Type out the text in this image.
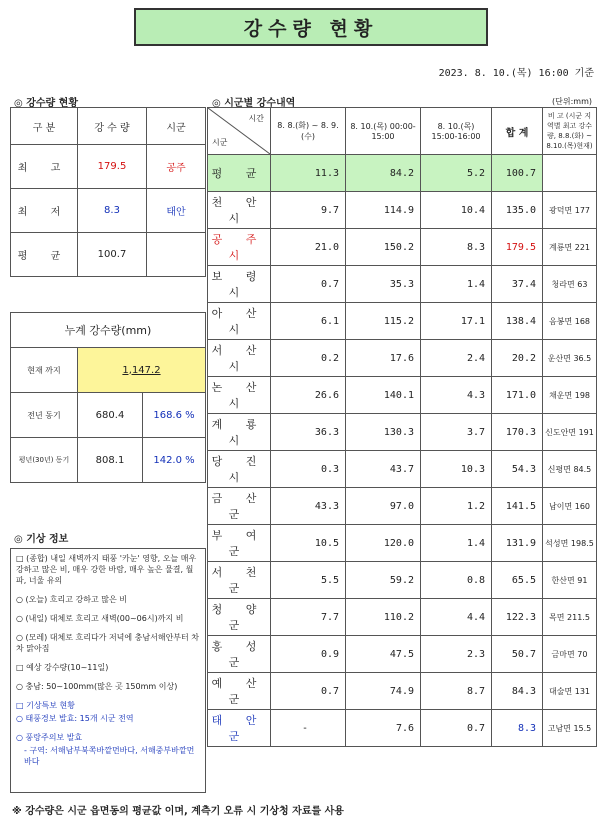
강수량 현황
2023. 8. 10.(목) 16:00 기준
◎ 강수량 현황	◎ 시군별 강수내역	(단위:mm)
구 분	강 수 량	시군
최 고	179.5	공주
최 저	8.3	태안
평 균	100.7	
누계 강수량(mm)		
현재 까지	1,147.2	
전년 동기	680.4	168.6 %
평년(30년) 동기	808.1	142.0 %
◎ 기상 정보

□ (종합) 내일 새벽까지 태풍 '카눈' 영향, 오늘 매우 강하고 많은 비, 매우 강한 바람, 매우 높은 물결, 월파, 너울 유의

○ (오늘) 흐리고 강하고 많은 비

○ (내일) 대체로 흐리고 새벽(00~06시)까지 비

○ (모레) 대체로 흐리다가 저녁에 충남서해안부터 차차 맑아짐

□ 예상 강수량(10~11일)

○ 충남: 50~100mm(많은 곳 150mm 이상)

□ 기상특보 현황

○ 태풍경보 발효: 15개 시군 전역

○ 풍랑주의보 발효

- 구역: 서해남부북쪽바깥먼바다, 서해중부바깥먼바다

시간
시군	8. 8.(화) ~ 8. 9.(수)	8. 10.(목) 00:00-15:00	8. 10.(목) 15:00-16:00	합 계	비 고 (시군 지역별 최고 강수량, 8.8.(화) ~ 8.10.(목)현재)
평 균	11.3	84.2	5.2	100.7	
천 안 시	9.7	114.9	10.4	135.0	광덕면 177
공 주 시	21.0	150.2	8.3	179.5	계룡면 221
보 령 시	0.7	35.3	1.4	37.4	청라면 63
아 산 시	6.1	115.2	17.1	138.4	음봉면 168
서 산 시	0.2	17.6	2.4	20.2	운산면 36.5
논 산 시	26.6	140.1	4.3	171.0	채운면 198
계 룡 시	36.3	130.3	3.7	170.3	신도안면 191
당 진 시	0.3	43.7	10.3	54.3	신평면 84.5
금 산 군	43.3	97.0	1.2	141.5	남이면 160
부 여 군	10.5	120.0	1.4	131.9	석성면 198.5
서 천 군	5.5	59.2	0.8	65.5	한산면 91
청 양 군	7.7	110.2	4.4	122.3	목면 211.5
홍 성 군	0.9	47.5	2.3	50.7	금마면 70
예 산 군	0.7	74.9	8.7	84.3	대술면 131
태 안 군	-	7.6	0.7	8.3	고남면 15.5
※ 강수량은 시군 읍면동의 평균값 이며, 계측기 오류 시 기상청 자료를 사용
